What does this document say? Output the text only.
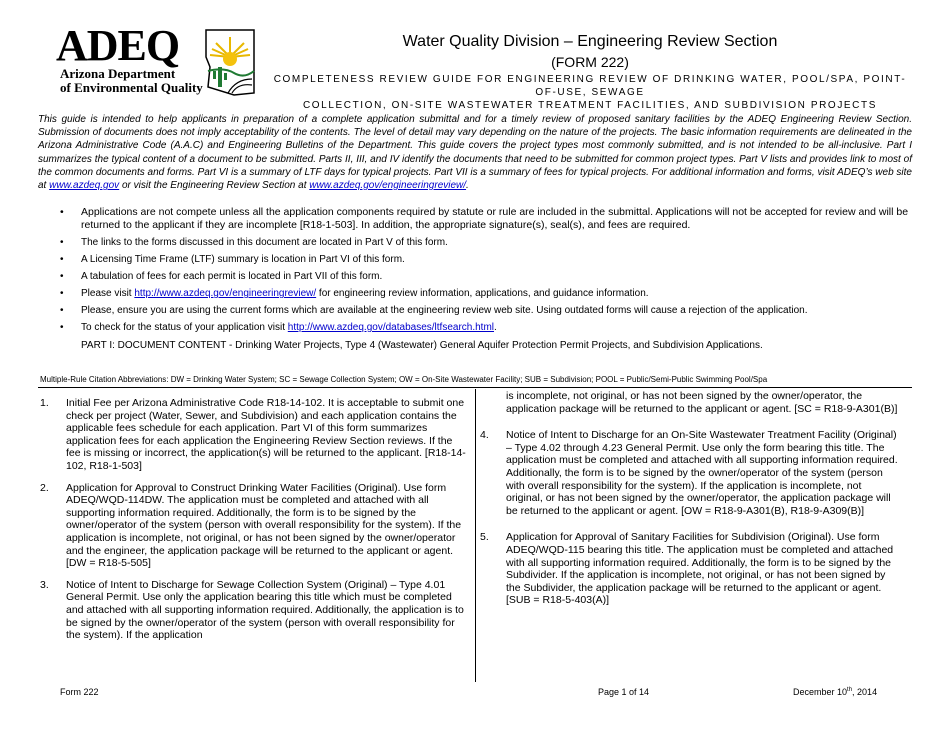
ADEQ
Arizona Department
of Environmental Quality
Water Quality Division – Engineering Review Section
(FORM 222)
COMPLETENESS REVIEW GUIDE FOR ENGINEERING REVIEW OF DRINKING WATER, POOL/SPA, POINT-OF-USE, SEWAGE
COLLECTION, ON-SITE WASTEWATER TREATMENT FACILITIES, AND SUBDIVISION PROJECTS
This guide is intended to help applicants in preparation of a complete application submittal and for a timely review of proposed sanitary facilities by the ADEQ Engineering Review Section. Submission of documents does not imply acceptability of the contents. The level of detail may vary depending on the nature of the projects. The basic information requirements are delineated in the Arizona Administrative Code (A.A.C) and Engineering Bulletins of the Department. This guide covers the project types most commonly submitted, and is not intended to be all-inclusive. Part I summarizes the typical content of a document to be submitted. Parts II, III, and IV identify the documents that need to be submitted for common project types. Part V lists and provides link to most of the common documents and forms. Part VI is a summary of LTF days for typical projects. Part VII is a summary of fees for typical projects. For additional information and forms, visit ADEQ’s web site at www.azdeq.gov or visit the Engineering Review Section at www.azdeq.gov/engineeringreview/.
• Applications are not compete unless all the application components required by statute or rule are included in the submittal. Applications will not be accepted for review and will be returned to the applicant if they are incomplete [R18-1-503]. In addition, the appropriate signature(s), seal(s), and fees are required.
• The links to the forms discussed in this document are located in Part V of this form.
• A Licensing Time Frame (LTF) summary is location in Part VI of this form.
• A tabulation of fees for each permit is located in Part VII of this form.
• Please visit http://www.azdeq.gov/engineeringreview/ for engineering review information, applications, and guidance information.
• Please, ensure you are using the current forms which are available at the engineering review web site. Using outdated forms will cause a rejection of the application.
• To check for the status of your application visit http://www.azdeq.gov/databases/ltfsearch.html.
PART I: DOCUMENT CONTENT - Drinking Water Projects, Type 4 (Wastewater) General Aquifer Protection Permit Projects, and Subdivision Applications.
Multiple-Rule Citation Abbreviations: DW = Drinking Water System; SC = Sewage Collection System; OW = On-Site Wastewater Facility; SUB = Subdivision; POOL = Public/Semi-Public Swimming Pool/Spa
1. Initial Fee per Arizona Administrative Code R18-14-102. It is acceptable to submit one check per project (Water, Sewer, and Subdivision) and each application contains the applicable fees schedule for each application. Part VI of this form summarizes application fees for each application the Engineering Review Section reviews. If the fee is missing or incorrect, the application(s) will be returned to the applicant. [R18-14-102, R18-1-503]
2. Application for Approval to Construct Drinking Water Facilities (Original). Use form ADEQ/WQD-114DW. The application must be completed and attached with all supporting information required. Additionally, the form is to be signed by the owner/operator of the system (person with overall responsibility for the system). If the application is incomplete, not original, or has not been signed by the owner/operator and the engineer, the application package will be returned to the applicant or agent. [DW = R18-5-505]
3. Notice of Intent to Discharge for Sewage Collection System (Original) – Type 4.01 General Permit. Use only the application bearing this title which must be completed and attached with all supporting information required. Additionally, the application is to be signed by the owner/operator of the system (person with overall responsibility for the system). If the application
is incomplete, not original, or has not been signed by the owner/operator, the application package will be returned to the applicant or agent. [SC = R18-9-A301(B)]
4. Notice of Intent to Discharge for an On-Site Wastewater Treatment Facility (Original) – Type 4.02 through 4.23 General Permit. Use only the form bearing this title. The application must be completed and attached with all supporting information required. Additionally, the form is to be signed by the owner/operator of the system (person with overall responsibility for the system). If the application is incomplete, not original, or has not been signed by the owner/operator, the application package will be returned to the applicant or agent. [OW = R18-9-A301(B), R18-9-A309(B)]
5. Application for Approval of Sanitary Facilities for Subdivision (Original). Use form ADEQ/WQD-115 bearing this title. The application must be completed and attached with all supporting information required. Additionally, the form is to be signed by the Subdivider. If the application is incomplete, not original, or has not been signed by the Subdivider, the application package will be returned to the applicant or agent. [SUB = R18-5-403(A)]
Form 222	Page 1 of 14	December 10th, 2014
